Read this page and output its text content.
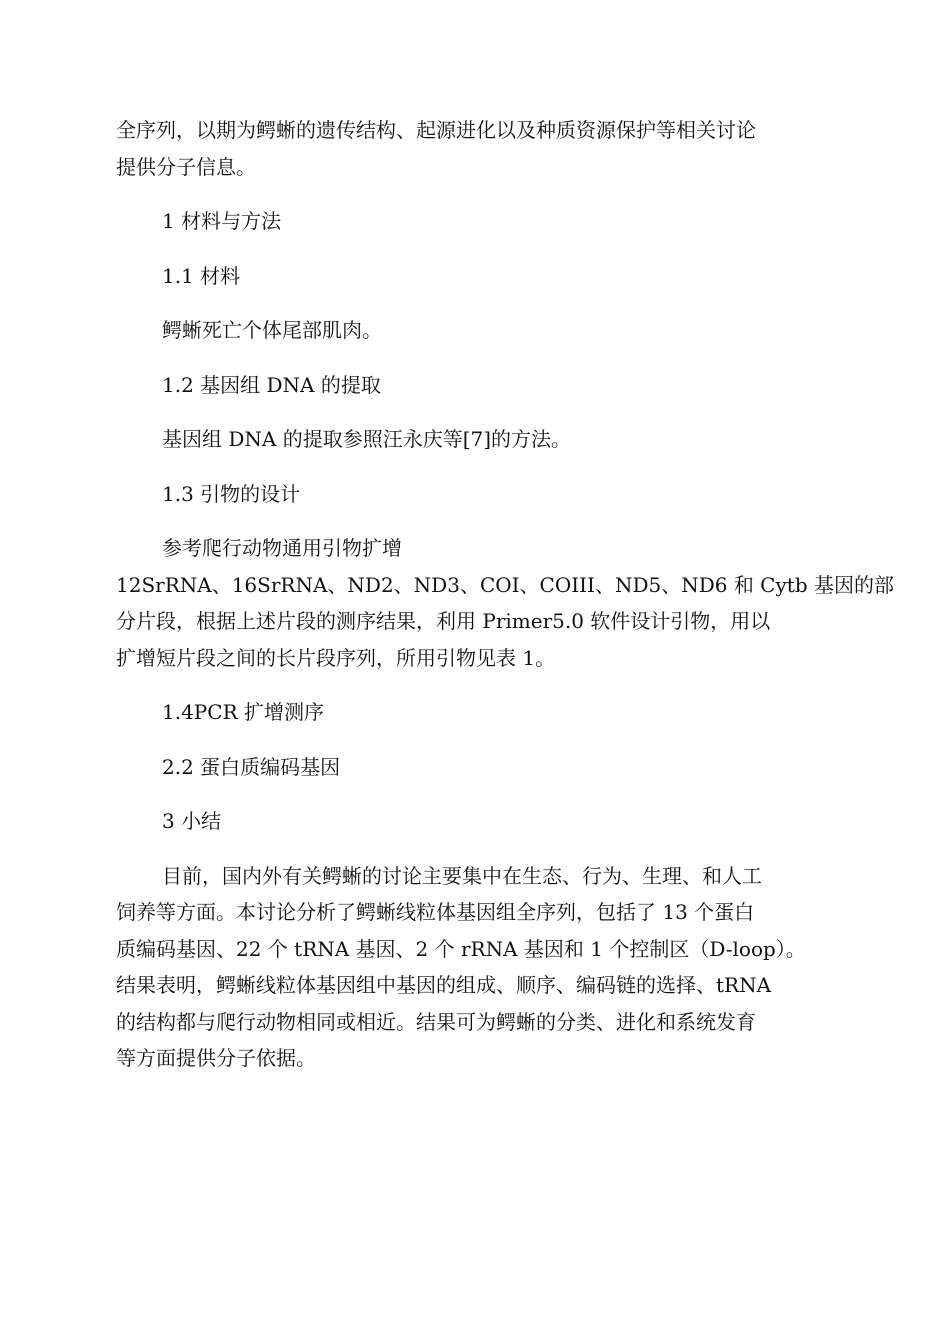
全序列，以期为鳄蜥的遗传结构、起源进化以及种质资源保护等相关讨论
提供分子信息。

1 材料与方法

1.1 材料

鳄蜥死亡个体尾部肌肉。

1.2 基因组 DNA 的提取

基因组 DNA 的提取参照汪永庆等[7]的方法。

1.3 引物的设计

参考爬行动物通用引物扩增
12SrRNA、16SrRNA、ND2、ND3、COI、COIII、ND5、ND6 和 Cytb 基因的部
分片段，根据上述片段的测序结果，利用 Primer5.0 软件设计引物，用以
扩增短片段之间的长片段序列，所用引物见表 1。

1.4PCR 扩增测序

2.2 蛋白质编码基因

3 小结

目前，国内外有关鳄蜥的讨论主要集中在生态、行为、生理、和人工
饲养等方面。本讨论分析了鳄蜥线粒体基因组全序列，包括了 13 个蛋白
质编码基因、22 个 tRNA 基因、2 个 rRNA 基因和 1 个控制区（D-loop）。
结果表明，鳄蜥线粒体基因组中基因的组成、顺序、编码链的选择、tRNA
的结构都与爬行动物相同或相近。结果可为鳄蜥的分类、进化和系统发育
等方面提供分子依据。
